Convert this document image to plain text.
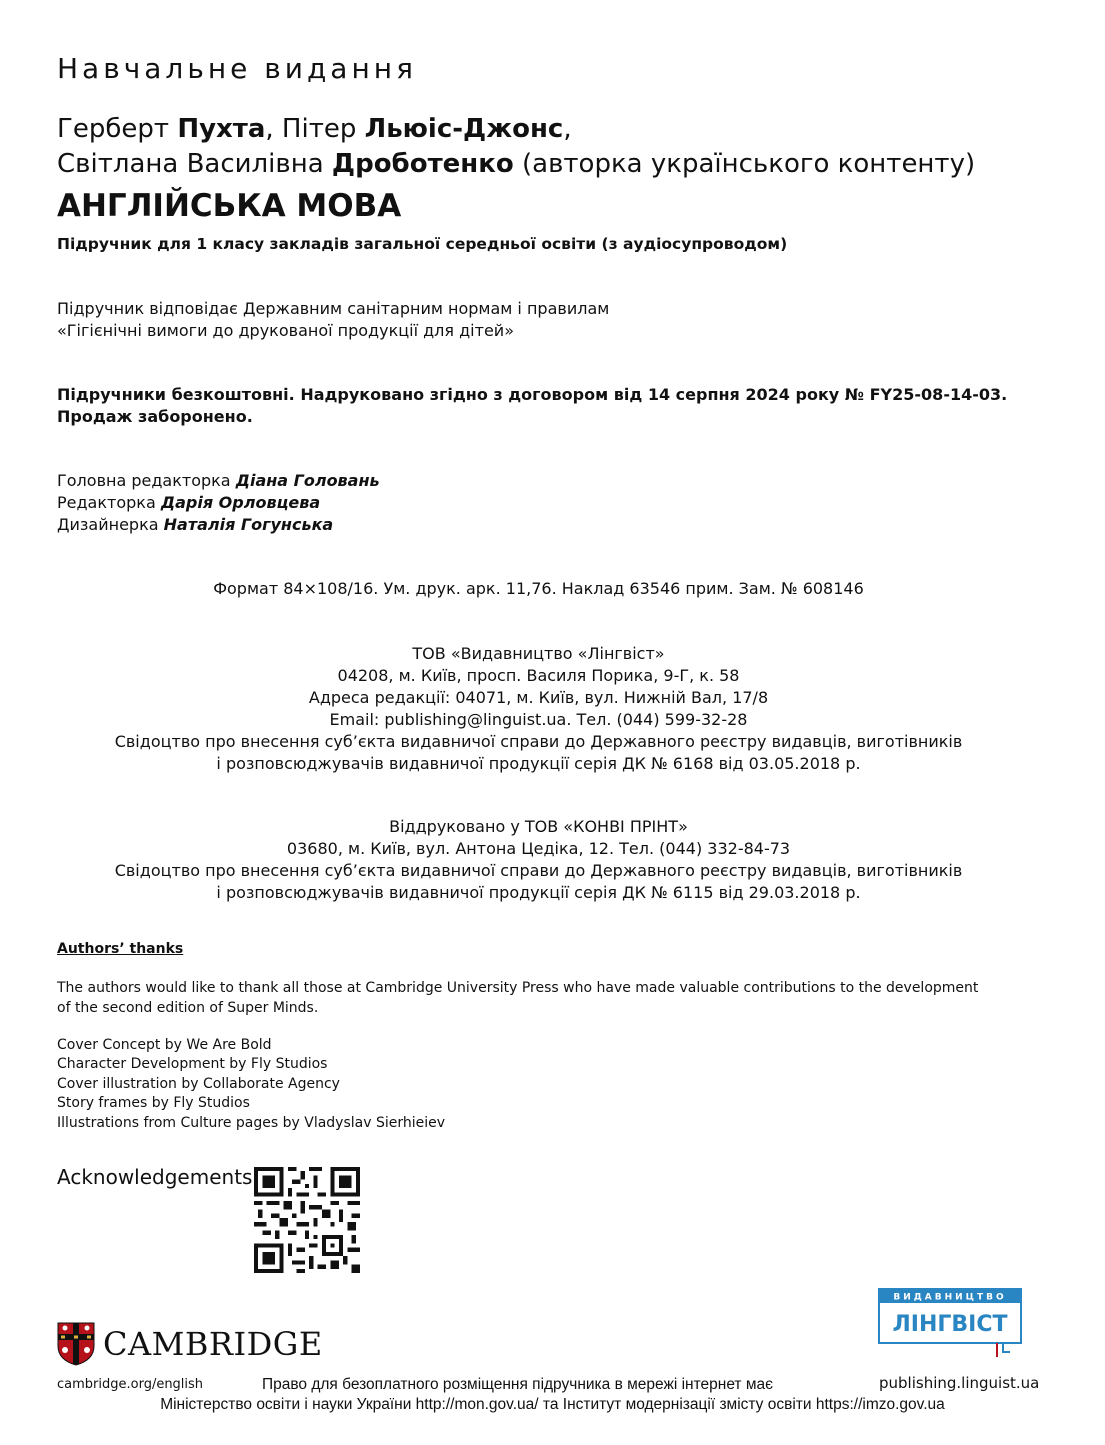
Навчальне видання
Герберт Пухта, Пітер Льюіс-Джонс,
Світлана Василівна Дроботенко (авторка українського контенту)
АНГЛІЙСЬКА МОВА
Підручник для 1 класу закладів загальної середньої освіти (з аудіосупроводом)
Підручник відповідає Державним санітарним нормам і правилам
«Гігієнічні вимоги до друкованої продукції для дітей»
Підручники безкоштовні. Надруковано згідно з договором від 14 серпня 2024 року № FY25-08-14-03.
Продаж заборонено.
Головна редакторка Діана Головань
Редакторка Дарія Орловцева
Дизайнерка Наталія Гогунська
Формат 84×108/16. Ум. друк. арк. 11,76. Наклад 63546 прим. Зам. № 608146
ТОВ «Видавництво «Лінгвіст»
04208, м. Київ, просп. Василя Порика, 9-Г, к. 58
Адреса редакції: 04071, м. Київ, вул. Нижній Вал, 17/8
Email: publishing@linguist.ua. Тел. (044) 599-32-28
Свідоцтво про внесення суб’єкта видавничої справи до Державного реєстру видавців, виготівників
і розповсюджувачів видавничої продукції серія ДК № 6168 від 03.05.2018 р.
Віддруковано у ТОВ «КОНВІ ПРІНТ»
03680, м. Київ, вул. Антона Цедіка, 12. Тел. (044) 332-84-73
Свідоцтво про внесення суб’єкта видавничої справи до Державного реєстру видавців, виготівників
і розповсюджувачів видавничої продукції серія ДК № 6115 від 29.03.2018 р.
Authors’ thanks
The authors would like to thank all those at Cambridge University Press who have made valuable contributions to the development of the second edition of Super Minds.
Cover Concept by We Are Bold
Character Development by Fly Studios
Cover illustration by Collaborate Agency
Story frames by Fly Studios
Illustrations from Culture pages by Vladyslav Sierhieiev
Acknowledgements
CAMBRIDGE
cambridge.org/english	Право для безоплатного розміщення підручника в мережі інтернет має
Міністерство освіти і науки України http://mon.gov.ua/ та Інститут модернізації змісту освіти https://imzo.gov.ua
ВИДАВНИЦТВО
ЛІНГВІСТ
publishing.linguist.ua
